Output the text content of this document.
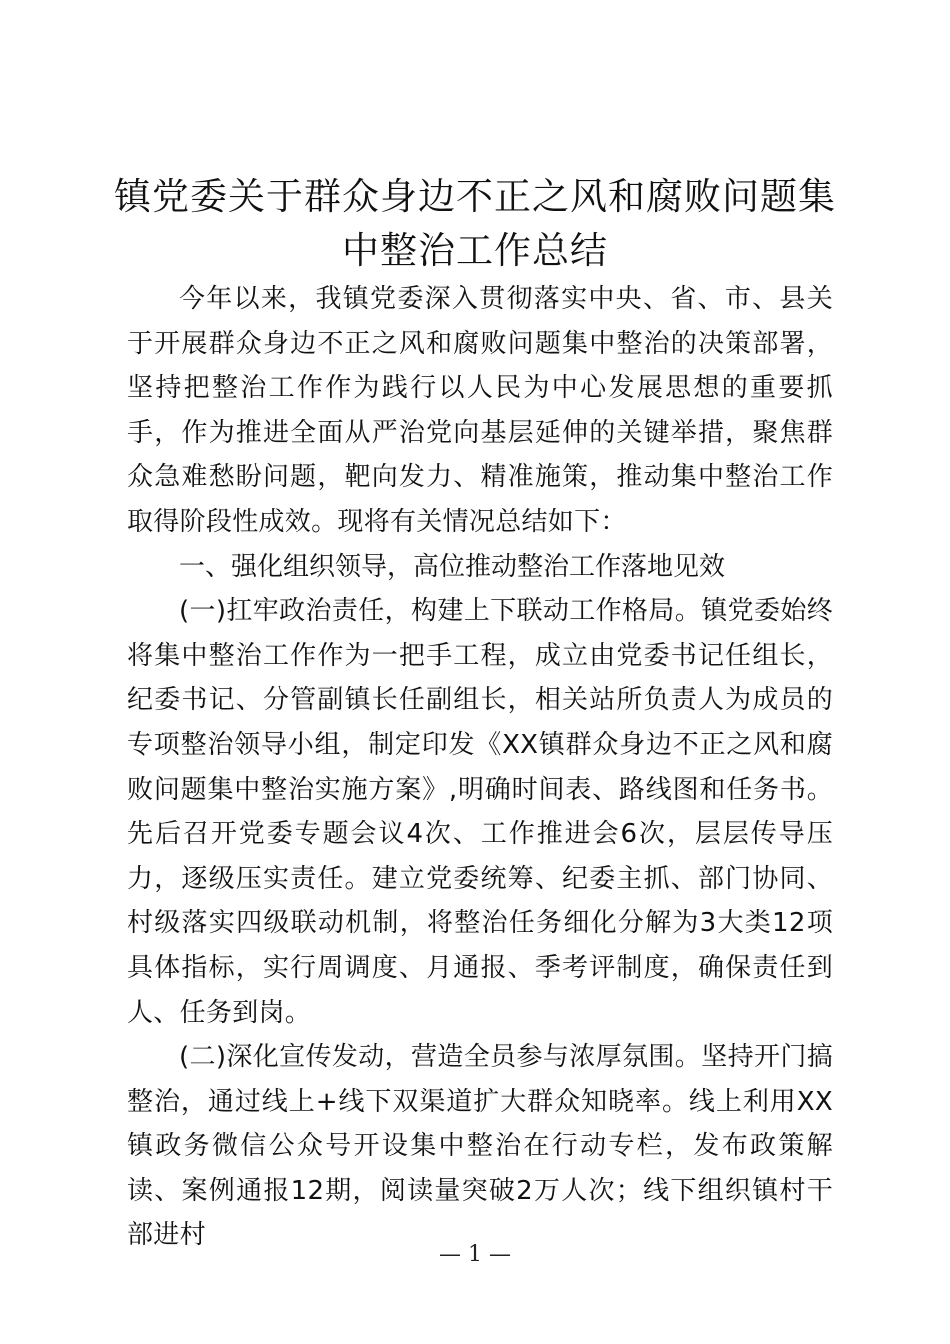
镇党委关于群众身边不正之风和腐败问题集中整治工作总结

今年以来，我镇党委深入贯彻落实中央、省、市、县关于开展群众身边不正之风和腐败问题集中整治的决策部署，坚持把整治工作作为践行以人民为中心发展思想的重要抓手，作为推进全面从严治党向基层延伸的关键举措，聚焦群众急难愁盼问题，靶向发力、精准施策，推动集中整治工作取得阶段性成效。现将有关情况总结如下：

一、强化组织领导，高位推动整治工作落地见效

(一)扛牢政治责任，构建上下联动工作格局。镇党委始终将集中整治工作作为一把手工程，成立由党委书记任组长，纪委书记、分管副镇长任副组长，相关站所负责人为成员的专项整治领导小组，制定印发《XX镇群众身边不正之风和腐败问题集中整治实施方案》,明确时间表、路线图和任务书。先后召开党委专题会议4次、工作推进会6次，层层传导压力，逐级压实责任。建立党委统筹、纪委主抓、部门协同、村级落实四级联动机制，将整治任务细化分解为3大类12项具体指标，实行周调度、月通报、季考评制度，确保责任到人、任务到岗。

(二)深化宣传发动，营造全员参与浓厚氛围。坚持开门搞整治，通过线上+线下双渠道扩大群众知晓率。线上利用XX镇政务微信公众号开设集中整治在行动专栏，发布政策解读、案例通报12期，阅读量突破2万人次；线下组织镇村干部进村

— 1 —
